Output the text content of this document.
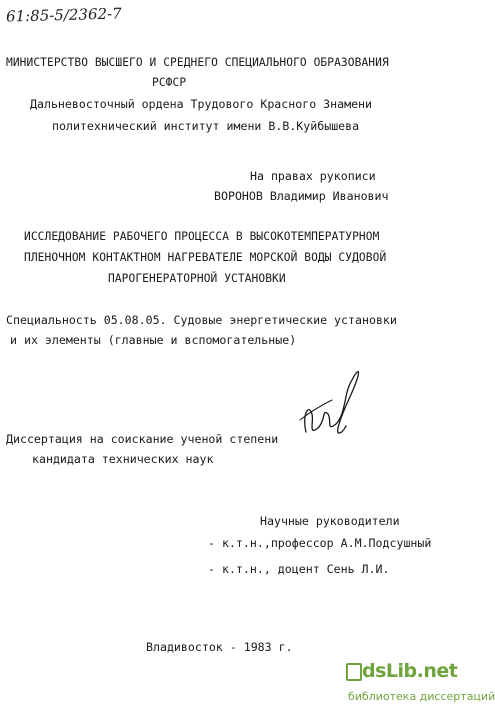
61:85-5/2362-7
МИНИСТЕРСТВО ВЫСШЕГО И СРЕДНЕГО СПЕЦИАЛЬНОГО ОБРАЗОВАНИЯ
РСФСР
Дальневосточный ордена Трудового Красного Знамени
политехнический институт имени В.В.Куйбышева
На правах рукописи
ВОРОНОВ Владимир Иванович
ИССЛЕДОВАНИЕ РАБОЧЕГО ПРОЦЕССА В ВЫСОКОТЕМПЕРАТУРНОМ
ПЛЕНОЧНОМ КОНТАКТНОМ НАГРЕВАТЕЛЕ МОРСКОЙ ВОДЫ СУДОВОЙ
ПАРОГЕНЕРАТОРНОЙ УСТАНОВКИ
Специальность 05.08.05. Судовые энергетические установки
и их элементы (главные и вспомогательные)
Диссертация на соискание ученой степени
кандидата технических наук
Научные руководители
- к.т.н.,профессор А.М.Подсушный
- к.т.н., доцент Сень Л.И.
Владивосток - 1983 г.
dsLib.net
библиотека диссертаций
